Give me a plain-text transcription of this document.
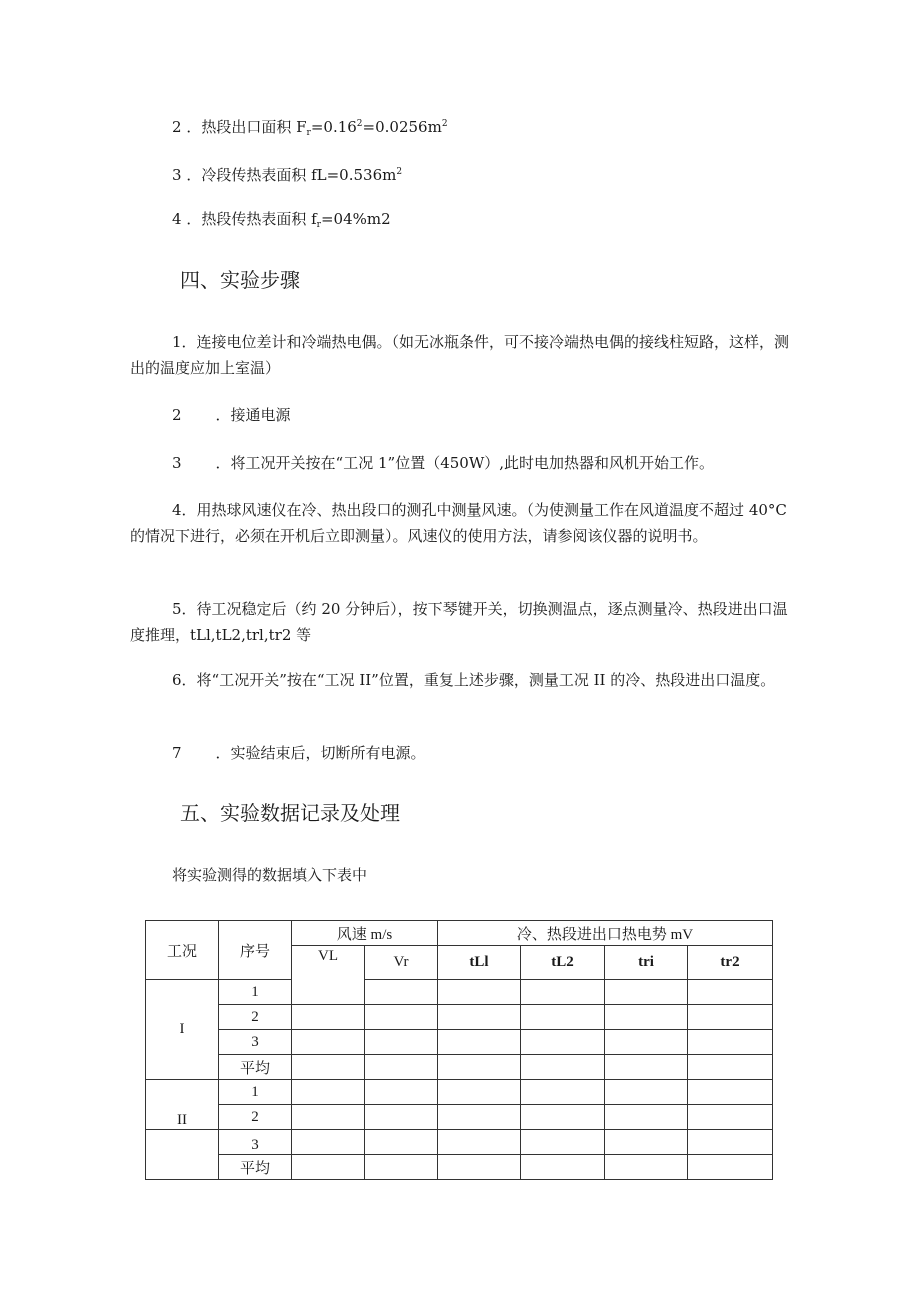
2 ．热段出口面积 $F_r=0.16^2=0.0256m^2$
3 ．冷段传热表面积 $fL=0.536m^2$
4 ．热段传热表面积 $f_r=04\%m2$
四、实验步骤
1．连接电位差计和冷端热电偶。（如无冰瓶条件，可不接冷端热电偶的接线柱短路，这样，测出的温度应加上室温）
2 ．接通电源
3 ．将工况开关按在“工况 1”位置（450W）,此时电加热器和风机开始工作。
4．用热球风速仪在冷、热出段口的测孔中测量风速。（为使测量工作在风道温度不超过 40°C 的情况下进行，必须在开机后立即测量）。风速仪的使用方法，请参阅该仪器的说明书。
5．待工况稳定后（约 20 分钟后），按下琴键开关，切换测温点，逐点测量冷、热段进出口温度推理，tLl,tL2,trl,tr2 等
6．将“工况开关”按在“工况 II”位置，重复上述步骤，测量工况 II 的冷、热段进出口温度。
7 ．实验结束后，切断所有电源。
五、实验数据记录及处理
将实验测得的数据填入下表中
工况	序号	风速 m/s		冷、热段进出口热电势 mV			
		VL	Vr	tLl	tL2	tri	tr2
I	1						
	2						
	3						
	平均						
II	1						
	2						
	3						
	平均						
